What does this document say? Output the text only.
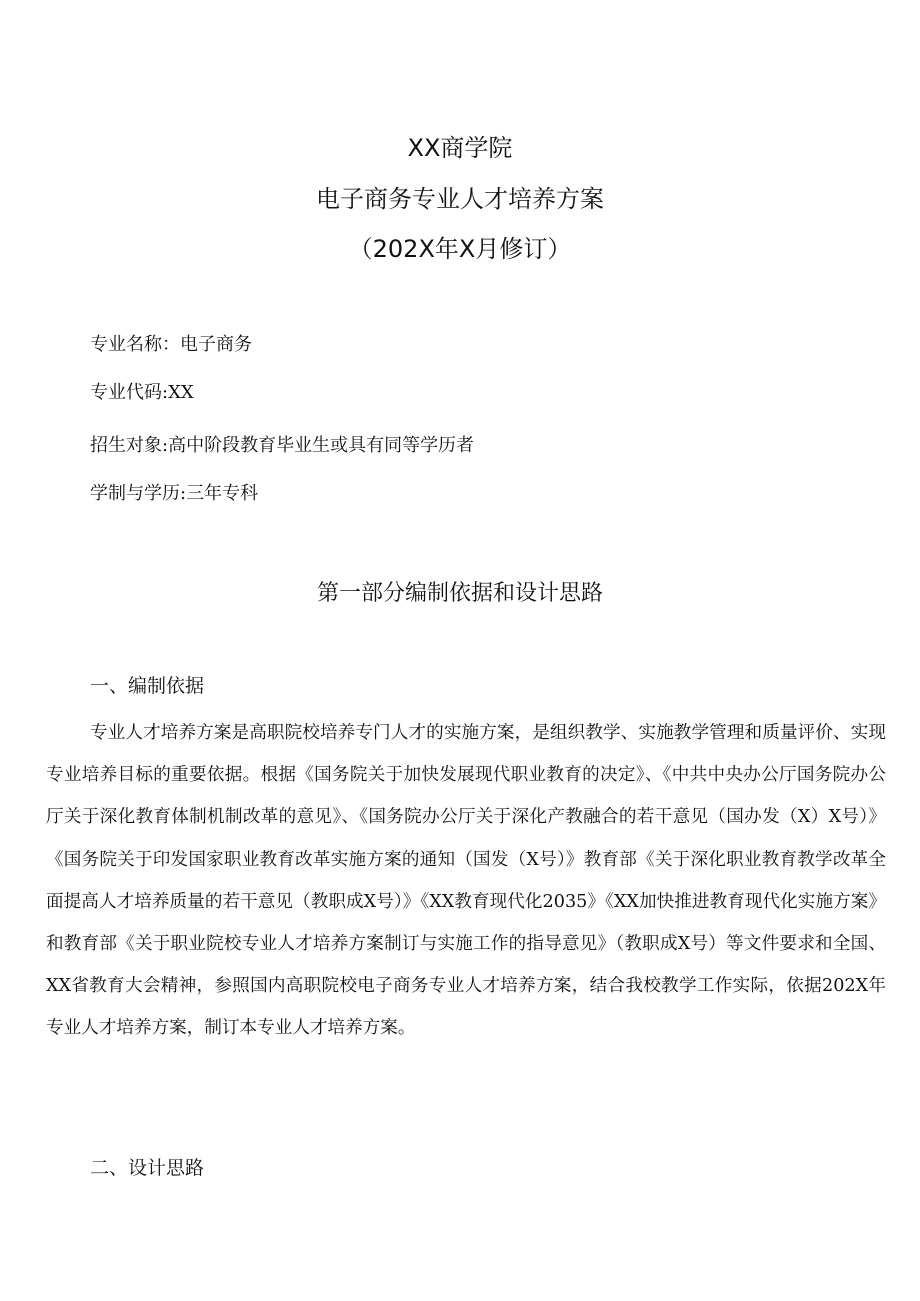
XX商学院
电子商务专业人才培养方案
（202X年X月修订）
专业名称：电子商务
专业代码:XX
招生对象:高中阶段教育毕业生或具有同等学历者
学制与学历:三年专科
第一部分编制依据和设计思路
一、编制依据

专业人才培养方案是高职院校培养专门人才的实施方案，是组织教学、实施教学管理和质量评价、实现专业培养目标的重要依据。根据《国务院关于加快发展现代职业教育的决定》、《中共中央办公厅国务院办公厅关于深化教育体制机制改革的意见》、《国务院办公厅关于深化产教融合的若干意见（国办发（X）X号）》《国务院关于印发国家职业教育改革实施方案的通知（国发（X号）》教育部《关于深化职业教育教学改革全面提高人才培养质量的若干意见（教职成X号）》《XX教育现代化2035》《XX加快推进教育现代化实施方案》和教育部《关于职业院校专业人才培养方案制订与实施工作的指导意见》（教职成X号）等文件要求和全国、XX省教育大会精神，参照国内高职院校电子商务专业人才培养方案，结合我校教学工作实际，依据202X年专业人才培养方案，制订本专业人才培养方案。

二、设计思路
